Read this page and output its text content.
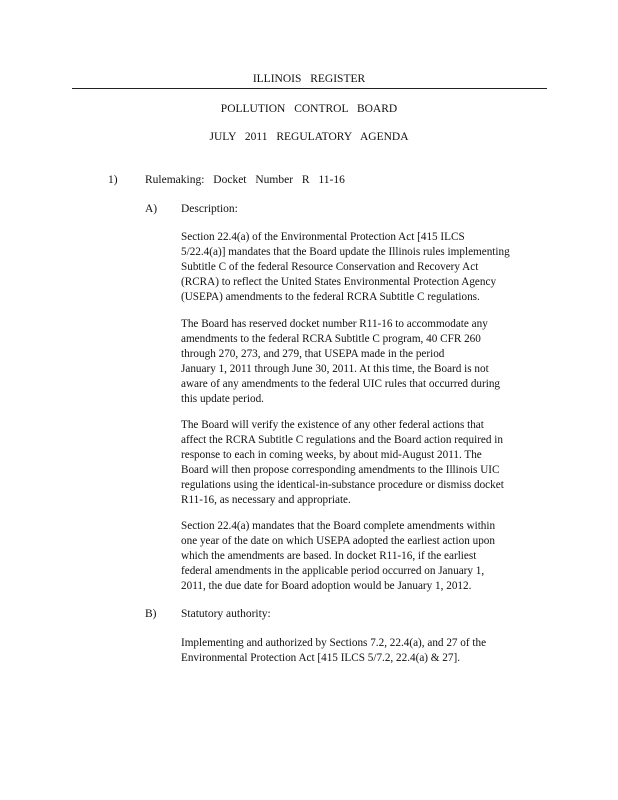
ILLINOIS REGISTER
POLLUTION CONTROL BOARD
JULY 2011 REGULATORY AGENDA
1) Rulemaking: Docket Number R 11-16
A) Description:
Section 22.4(a) of the Environmental Protection Act [415 ILCS
5/22.4(a)] mandates that the Board update the Illinois rules implementing
Subtitle C of the federal Resource Conservation and Recovery Act
(RCRA) to reflect the United States Environmental Protection Agency
(USEPA) amendments to the federal RCRA Subtitle C regulations.
The Board has reserved docket number R11-16 to accommodate any
amendments to the federal RCRA Subtitle C program, 40 CFR 260
through 270, 273, and 279, that USEPA made in the period
January 1, 2011 through June 30, 2011. At this time, the Board is not
aware of any amendments to the federal UIC rules that occurred during
this update period.
The Board will verify the existence of any other federal actions that
affect the RCRA Subtitle C regulations and the Board action required in
response to each in coming weeks, by about mid-August 2011. The
Board will then propose corresponding amendments to the Illinois UIC
regulations using the identical-in-substance procedure or dismiss docket
R11-16, as necessary and appropriate.
Section 22.4(a) mandates that the Board complete amendments within
one year of the date on which USEPA adopted the earliest action upon
which the amendments are based. In docket R11-16, if the earliest
federal amendments in the applicable period occurred on January 1,
2011, the due date for Board adoption would be January 1, 2012.
B) Statutory authority:
Implementing and authorized by Sections 7.2, 22.4(a), and 27 of the
Environmental Protection Act [415 ILCS 5/7.2, 22.4(a) & 27].
